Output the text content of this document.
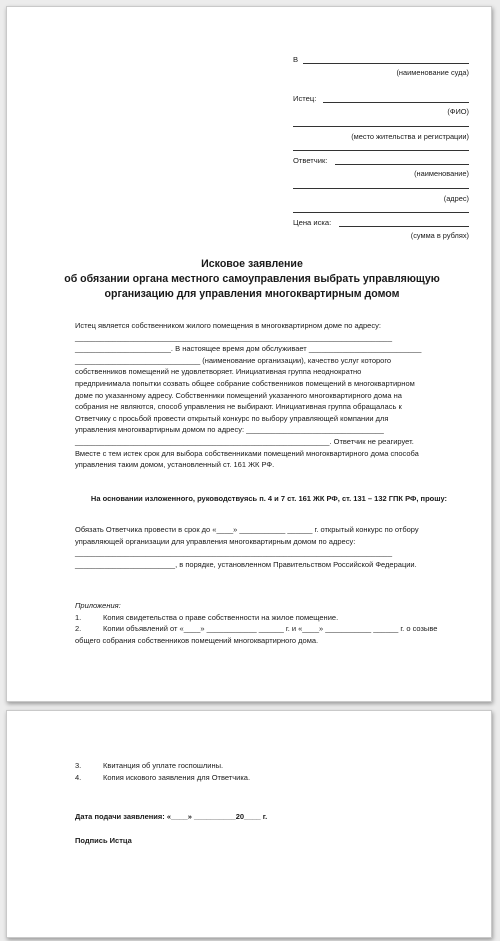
В
(наименование суда)
Истец:
(ФИО)
(место жительства и регистрации)
Ответчик:
(наименование)
(адрес)
Цена иска:
(сумма в рублях)
Исковое заявление
об обязании органа местного самоуправления выбрать управляющую
организацию для управления многоквартирным домом

Истец является собственником жилого помещения в многоквартирном доме по адресу:

____________________________________________________________________________

_______________________. В настоящее время дом обслуживает ___________________________

______________________________ (наименование организации), качество услуг которого

собственников помещений не удовлетворяет. Инициативная группа неоднократно

предпринимала попытки созвать общее собрание собственников помещений в многоквартирном

доме по указанному адресу. Собственники помещений указанного многоквартирного дома на

собрания не являются, способ управления не выбирают. Инициативная группа обращалась к

Ответчику с просьбой провести открытый конкурс по выбору управляющей компании для

управления многоквартирным домом по адресу: _________________________________

_____________________________________________________________. Ответчик не реагирует.

Вместе с тем истек срок для выбора собственниками помещений многоквартирного дома способа

управления таким домом, установленный ст. 161 ЖК РФ.

На основании изложенного, руководствуясь п. 4 и 7 ст. 161 ЖК РФ, ст. 131 – 132 ГПК РФ, прошу:

Обязать Ответчика провести в срок до «____» ___________ ______ г. открытый конкурс по отбору

управляющей организации для управления многоквартирным домом по адресу:

____________________________________________________________________________

________________________, в порядке, установленном Правительством Российской Федерации.

Приложения:

1.	Копия свидетельства о праве собственности на жилое помещение.
2.	Копии объявлений от «____» ____________ ______ г. и «____» ___________ ______ г. о созыве

общего собрания собственников помещений многоквартирного дома.

3.	Квитанция об уплате госпошлины.
4.	Копия искового заявления для Ответчика.
Дата подачи заявления: «____» __________20____ г.
Подпись Истца
